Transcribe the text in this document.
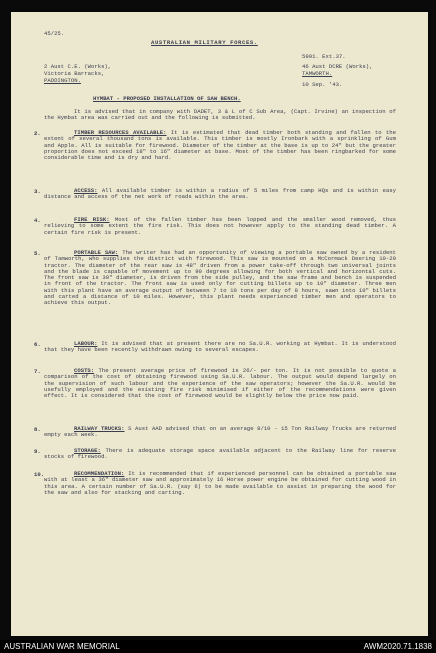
45/25.
AUSTRALIAN MILITARY FORCES.
5991. Ext.37.
2 Aust C.E. (Works),
Victoria Barracks,
PADDINGTON.
46 Aust DCRE (Works),
TAMWORTH.
10 Sep. '43.
HYMBAT - PROPOSED INSTALLATION OF SAW BENCH.
It is advised that in company with DADET, 3 & L of C Sub Area, (Capt. Irvine) an inspection of the Hymbat area was carried out and the following is submitted.
2.	TIMBER RESOURCES AVAILABLE: It is estimated that dead timber both standing and fallen to the extent of several thousand tons is available. This timber is mostly Ironbark with a sprinkling of Gum and Apple. All is suitable for firewood. Diameter of the timber at the base is up to 24" but the greater proportion does not exceed 18" to 16" diameter at base. Most of the timber has been ringbarked for some considerable time and is dry and hard.
3.	ACCESS: All available timber is within a radius of 5 miles from camp HQs and is within easy distance and access of the net work of roads within the area.
4.	FIRE RISK: Most of the fallen timber has been lopped and the smaller wood removed, thus relieving to some extent the fire risk. This does not however apply to the standing dead timber. A certain fire risk is present.
5.	PORTABLE SAW: The writer has had an opportunity of viewing a portable saw owned by a resident of Tamworth, who supplies the district with firewood. This saw is mounted on a McCormack Deering 10-20 tractor. The diameter of the rear saw is 48" driven from a power take-off through two universal joints and the blade is capable of movement up to 90 degrees allowing for both vertical and horizontal cuts. The front saw is 30" diameter, is driven from the side pulley, and the saw frame and bench is suspended in front of the tractor. The front saw is used only for cutting billets up to 10" diameter. Three men with this plant have an average output of between 7 to 10 tons per day of 8 hours, sawn into 10" billets and carted a distance of 10 miles. However, this plant needs experienced timber men and operators to achieve this output.
6.	LABOUR: It is advised that at present there are no Sa.U.R. working at Hymbat. It is understood that they have been recently withdrawn owing to several escapes.
7.	COSTS: The present average price of firewood is 26/- per ton. It is not possible to quote a comparison of the cost of obtaining firewood using Sa.U.R. labour. The output would depend largely on the supervision of such labour and the experience of the saw operators; however the Sa.U.R. would be usefully employed and the existing fire risk minimised if either of the recommendations were given effect. It is considered that the cost of firewood would be slightly below the price now paid.
8.	RAILWAY TRUCKS: S Aust AAD advised that on an average 8/10 - 15 Ton Railway Trucks are returned empty each week.
9.	STORAGE: There is adequate storage space available adjacent to the Railway line for reserve stocks of firewood.
10.	RECOMMENDATION: It is recommended that if experienced personnel can be obtained a portable saw with at least a 36" diameter saw and approximately 16 Horse power engine be obtained for cutting wood in this area. A certain number of Sa.U.R. (say 6) to be made available to assist in preparing the wood for the saw and also for stacking and carting.
AUSTRALIAN WAR MEMORIAL	AWM2020.71.1838
